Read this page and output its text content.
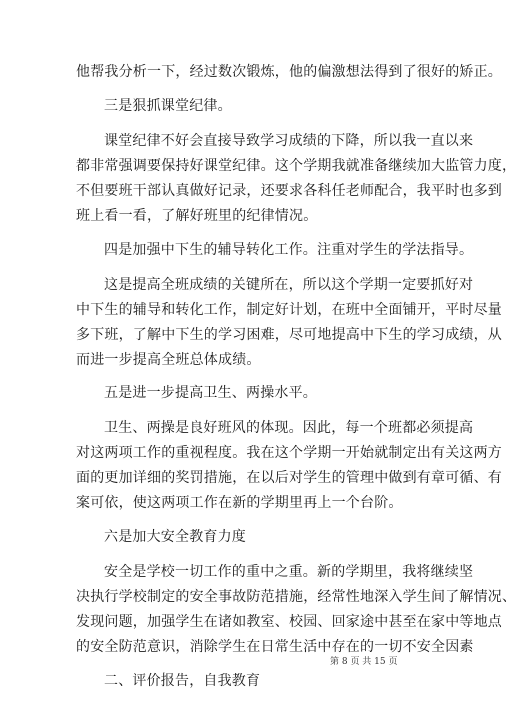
他帮我分析一下，经过数次锻炼，他的偏激想法得到了很好的矫正。
三是狠抓课堂纪律。
课堂纪律不好会直接导致学习成绩的下降，所以我一直以来
都非常强调要保持好课堂纪律。这个学期我就准备继续加大监管力度，
不但要班干部认真做好记录，还要求各科任老师配合，我平时也多到
班上看一看，了解好班里的纪律情况。
四是加强中下生的辅导转化工作。注重对学生的学法指导。
这是提高全班成绩的关键所在，所以这个学期一定要抓好对
中下生的辅导和转化工作，制定好计划，在班中全面铺开，平时尽量
多下班，了解中下生的学习困难，尽可地提高中下生的学习成绩，从
而进一步提高全班总体成绩。
五是进一步提高卫生、两操水平。
卫生、两操是良好班风的体现。因此，每一个班都必须提高
对这两项工作的重视程度。我在这个学期一开始就制定出有关这两方
面的更加详细的奖罚措施，在以后对学生的管理中做到有章可循、有
案可依，使这两项工作在新的学期里再上一个台阶。
六是加大安全教育力度
安全是学校一切工作的重中之重。新的学期里，我将继续坚
决执行学校制定的安全事故防范措施，经常性地深入学生间了解情况、
发现问题，加强学生在诸如教室、校园、回家途中甚至在家中等地点
的安全防范意识，消除学生在日常生活中存在的一切不安全因素
二、评价报告，自我教育
第 8 页 共 15 页
